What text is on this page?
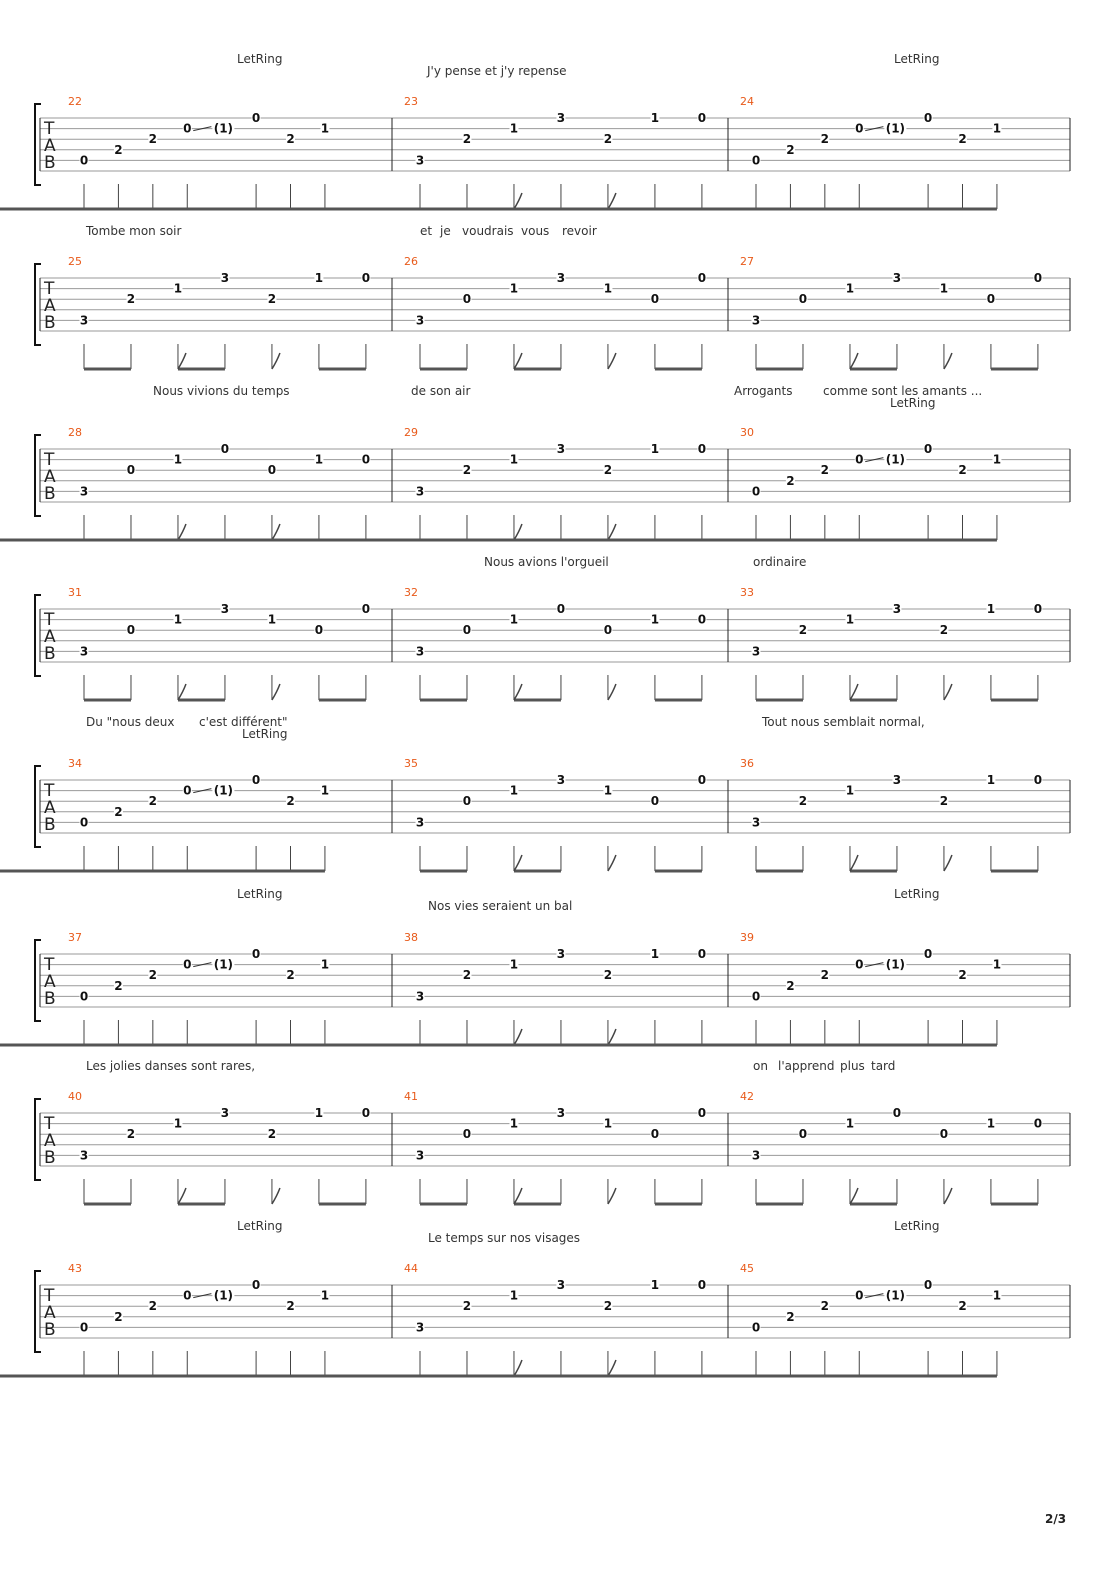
T
A
B
22
0
2
2
0 (1)
0
2
1
23
3
2
1
3
2
1	0
24
0
2
2
0 (1)
0
2
1
J'y pense et j'y repense
LetRing	LetRing
T
A
B
25
3
2
1
3
2
1	0
26
3
0
1
3
1
0
0
27
3
0
1
3
1
0
0
Tombe mon soir	et je voudrais vous revoir
T
A
B
28
3
0
1
0
0
1	0
29
3
2
1
3
2
1	0
30
0
2
2
0 (1)
0
2
1
Nous vivions du temps	de son air	Arrogants	comme sont les amants ...
LetRing
T
A
B
31
3
0
1
3
1
0
0
32
3
0
1
0
0
1	0
33
3
2
1
3
2
1	0
Nous avions l'orgueil	ordinaire
T
A
B
34
0
2
2
0 (1)
0
2
1
35
3
0
1
3
1
0
0
36
3
2
1
3
2
1	0
Du "nous deux c'est différent"	Tout nous semblait normal,
LetRing
T
A
B
37
0
2
2
0 (1)
0
2
1
38
3
2
1
3
2
1	0
39
0
2
2
0 (1)
0
2
1
Nos vies seraient un bal
LetRing	LetRing
T
A
B
40
3
2
1
3
2
1	0
41
3
0
1
3
1
0
0
42
3
0
1
0
0
1	0
Les jolies danses sont rares,	on l'apprend plus tard
T
A
B
43
0
2
2
0 (1)
0
2
1
44
3
2
1
3
2
1	0
45
0
2
2
0 (1)
0
2
1
Le temps sur nos visages
LetRing	LetRing
2/3
